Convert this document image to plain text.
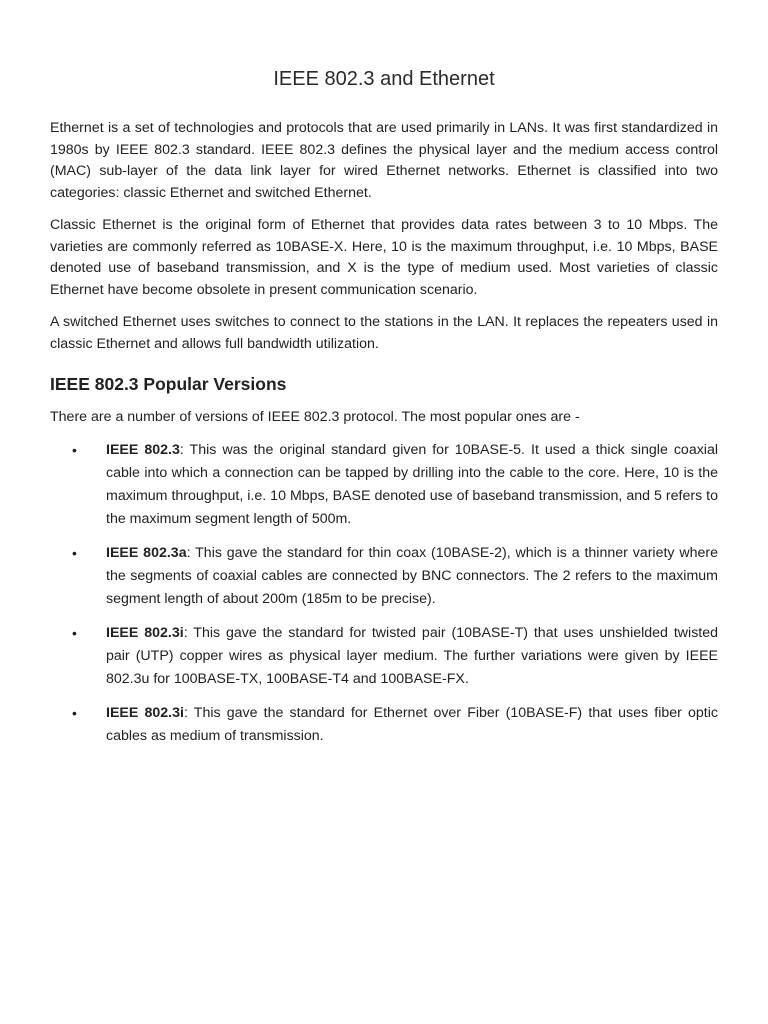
IEEE 802.3 and Ethernet

Ethernet is a set of technologies and protocols that are used primarily in LANs. It was first standardized in 1980s by IEEE 802.3 standard. IEEE 802.3 defines the physical layer and the medium access control (MAC) sub-layer of the data link layer for wired Ethernet networks. Ethernet is classified into two categories: classic Ethernet and switched Ethernet.

Classic Ethernet is the original form of Ethernet that provides data rates between 3 to 10 Mbps. The varieties are commonly referred as 10BASE-X. Here, 10 is the maximum throughput, i.e. 10 Mbps, BASE denoted use of baseband transmission, and X is the type of medium used. Most varieties of classic Ethernet have become obsolete in present communication scenario.

A switched Ethernet uses switches to connect to the stations in the LAN. It replaces the repeaters used in classic Ethernet and allows full bandwidth utilization.

IEEE 802.3 Popular Versions

There are a number of versions of IEEE 802.3 protocol. The most popular ones are -

• IEEE 802.3: This was the original standard given for 10BASE-5. It used a thick single coaxial cable into which a connection can be tapped by drilling into the cable to the core. Here, 10 is the maximum throughput, i.e. 10 Mbps, BASE denoted use of baseband transmission, and 5 refers to the maximum segment length of 500m.
• IEEE 802.3a: This gave the standard for thin coax (10BASE-2), which is a thinner variety where the segments of coaxial cables are connected by BNC connectors. The 2 refers to the maximum segment length of about 200m (185m to be precise).
• IEEE 802.3i: This gave the standard for twisted pair (10BASE-T) that uses unshielded twisted pair (UTP) copper wires as physical layer medium. The further variations were given by IEEE 802.3u for 100BASE-TX, 100BASE-T4 and 100BASE-FX.
• IEEE 802.3i: This gave the standard for Ethernet over Fiber (10BASE-F) that uses fiber optic cables as medium of transmission.
